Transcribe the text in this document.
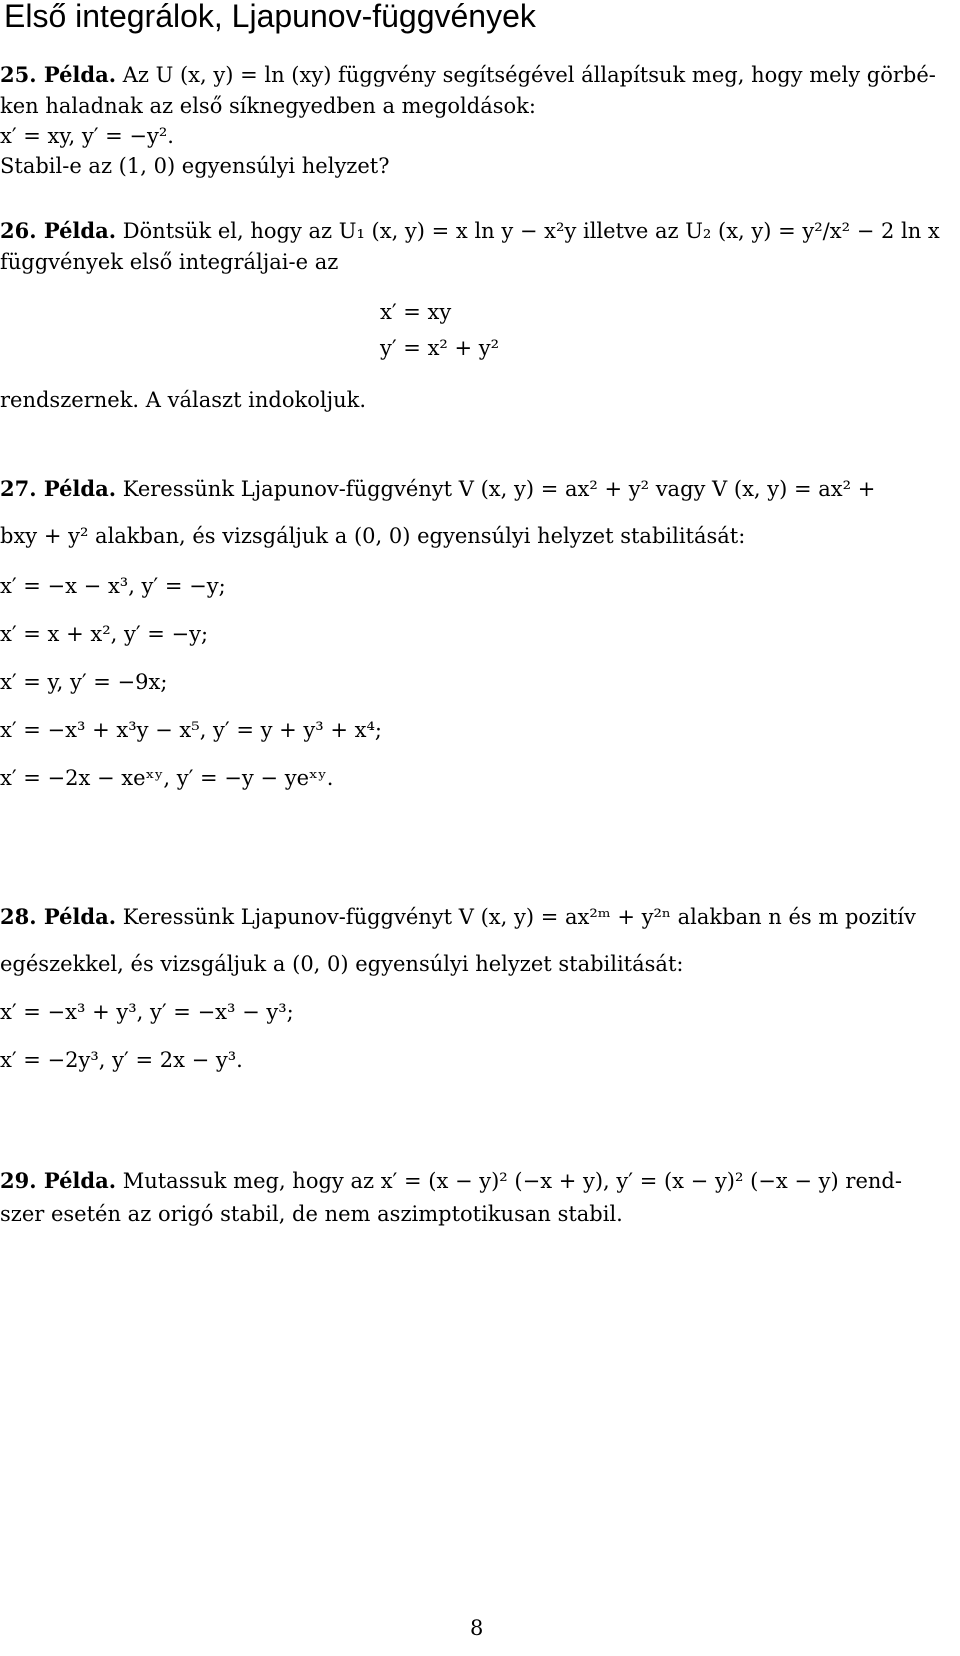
Első integrálok, Ljapunov-függvények
25. Példa. Az U (x, y) = ln (xy) függvény segítségével állapítsuk meg, hogy mely görbé-
ken haladnak az első síknegyedben a megoldások:
x′ = xy, y′ = −y².
Stabil-e az (1, 0) egyensúlyi helyzet?
26. Példa. Döntsük el, hogy az U₁ (x, y) = x ln y − x²y illetve az U₂ (x, y) = y²/x² − 2 ln x
függvények első integráljai-e az
x′ = xy
y′ = x² + y²
rendszernek. A választ indokoljuk.
27. Példa. Keressünk Ljapunov-függvényt V (x, y) = ax² + y² vagy V (x, y) = ax² +
bxy + y² alakban, és vizsgáljuk a (0, 0) egyensúlyi helyzet stabilitását:
x′ = −x − x³, y′ = −y;
x′ = x + x², y′ = −y;
x′ = y, y′ = −9x;
x′ = −x³ + x³y − x⁵, y′ = y + y³ + x⁴;
x′ = −2x − xeˣʸ, y′ = −y − yeˣʸ.
28. Példa. Keressünk Ljapunov-függvényt V (x, y) = ax²ᵐ + y²ⁿ alakban n és m pozitív
egészekkel, és vizsgáljuk a (0, 0) egyensúlyi helyzet stabilitását:
x′ = −x³ + y³, y′ = −x³ − y³;
x′ = −2y³, y′ = 2x − y³.
29. Példa. Mutassuk meg, hogy az x′ = (x − y)² (−x + y), y′ = (x − y)² (−x − y) rend-
szer esetén az origó stabil, de nem aszimptotikusan stabil.
8
